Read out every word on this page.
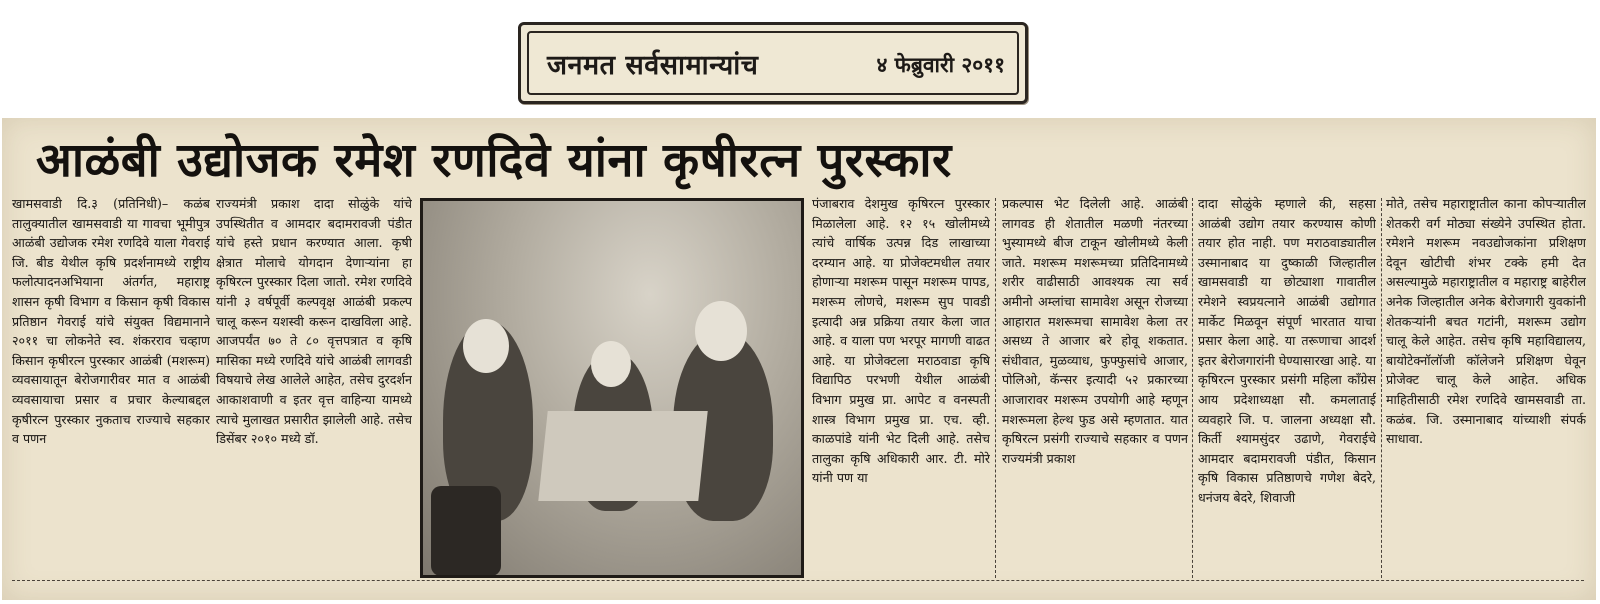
जनमत सर्वसामान्यांच	४ फेब्रुवारी २०११
आळंबी उद्योजक रमेश रणदिवे यांना कृषीरत्न पुरस्कार

खामसवाडी दि.३ (प्रतिनिधी)– कळंब तालुक्यातील खामसवाडी या गावचा भूमीपुत्र आळंबी उद्योजक रमेश रणदिवे याला गेवराई जि. बीड येथील कृषि प्रदर्शनामध्ये राष्ट्रीय फलोत्पादनअभियाना अंतर्गत, महाराष्ट्र शासन कृषी विभाग व किसान कृषी विकास प्रतिष्ठान गेवराई यांचे संयुक्त विद्यमानाने २०११ चा लोकनेते स्व. शंकरराव चव्हाण किसान कृषीरत्न पुरस्कार आळंबी (मशरूम) व्यवसायातून बेरोजगारीवर मात व आळंबी व्यवसायाचा प्रसार व प्रचार केल्याबद्दल कृषीरत्न पुरस्कार नुकताच राज्याचे सहकार व पणन

राज्यमंत्री प्रकाश दादा सोळुंके यांचे उपस्थितीत व आमदार बदामरावजी पंडीत यांचे हस्ते प्रधान करण्यात आला. कृषी क्षेत्रात मोलाचे योगदान देणाऱ्यांना हा कृषिरत्न पुरस्कार दिला जातो. रमेश रणदिवे यांनी ३ वर्षपूर्वी कल्पवृक्ष आळंबी प्रकल्प चालू करून यशस्वी करून दाखविला आहे. आजपर्यंत ७० ते ८० वृत्तपत्रात व कृषि मासिका मध्ये रणदिवे यांचे आळंबी लागवडी विषयाचे लेख आलेले आहेत, तसेच दुरदर्शन आकाशवाणी व इतर वृत्त वाहिन्या यामध्ये त्याचे मुलाखत प्रसारीत झालेली आहे. तसेच डिसेंबर २०१० मध्ये डॉ.

पंजाबराव देशमुख कृषिरत्न पुरस्कार मिळालेला आहे. १२ १५ खोलीमध्ये त्यांचे वार्षिक उत्पन्न दिड लाखाच्या दरम्यान आहे. या प्रोजेक्टमधील तयार होणाऱ्या मशरूम पासून मशरूम पापड, मशरूम लोणचे, मशरूम सुप पावडी इत्यादी अन्न प्रक्रिया तयार केला जात आहे. व याला पण भरपूर मागणी वाढत आहे. या प्रोजेक्टला मराठवाडा कृषि विद्यापिठ परभणी येथील आळंबी विभाग प्रमुख प्रा. आपेट व वनस्पती शास्त्र विभाग प्रमुख प्रा. एच. व्ही. काळपांडे यांनी भेट दिली आहे. तसेच तालुका कृषि अधिकारी आर. टी. मोरे यांनी पण या

प्रकल्पास भेट दिलेली आहे. आळंबी लागवड ही शेतातील मळणी नंतरच्या भुस्यामध्ये बीज टाकून खोलीमध्ये केली जाते. मशरूम मशरूमच्या प्रतिदिनामध्ये शरीर वाढीसाठी आवश्यक त्या सर्व अमीनो अम्लांचा सामावेश असून रोजच्या आहारात मशरूमचा सामावेश केला तर असध्य ते आजार बरे होवू शकतात. संधीवात, मुळव्याध, फुफ्फुसांचे आजार, पोलिओ, कॅन्सर इत्यादी ५२ प्रकारच्या आजारावर मशरूम उपयोगी आहे म्हणून मशरूमला हेल्थ फुड असे म्हणतात. यात कृषिरत्न प्रसंगी राज्याचे सहकार व पणन राज्यमंत्री प्रकाश

दादा सोळुंके म्हणाले की, सहसा आळंबी उद्योग तयार करण्यास कोणी तयार होत नाही. पण मराठवाड्यातील उस्मानाबाद या दुष्काळी जिल्हातील खामसवाडी या छोट्याशा गावातील रमेशने स्वप्रयत्नाने आळंबी उद्योगात मार्केट मिळवून संपूर्ण भारतात याचा प्रसार केला आहे. या तरूणाचा आदर्श इतर बेरोजगारांनी घेण्यासारखा आहे. या कृषिरत्न पुरस्कार प्रसंगी महिला काँग्रेस आय प्रदेशाध्यक्षा सौ. कमलाताई व्यवहारे जि. प. जालना अध्यक्षा सौ. किर्ती श्यामसुंदर उढाणे, गेवराईचे आमदार बदामरावजी पंडीत, किसान कृषि विकास प्रतिष्ठाणचे गणेश बेदरे, धनंजय बेदरे, शिवाजी

मोते, तसेच महाराष्ट्रातील काना कोपऱ्यातील शेतकरी वर्ग मोठ्या संख्येने उपस्थित होता. रमेशने मशरूम नवउद्योजकांना प्रशिक्षण देवून खोटीची शंभर टक्के हमी देत असल्यामुळे महाराष्ट्रातील व महाराष्ट्र बाहेरील अनेक जिल्हातील अनेक बेरोजगारी युवकांनी शेतकऱ्यांनी बचत गटांनी, मशरूम उद्योग चालू केले आहेत. तसेच कृषि महाविद्यालय, बायोटेक्नॉलॉजी कॉलेजने प्रशिक्षण घेवून प्रोजेक्ट चालू केले आहेत. अधिक माहितीसाठी रमेश रणदिवे खामसवाडी ता. कळंब. जि. उस्मानाबाद यांच्याशी संपर्क साधावा.
